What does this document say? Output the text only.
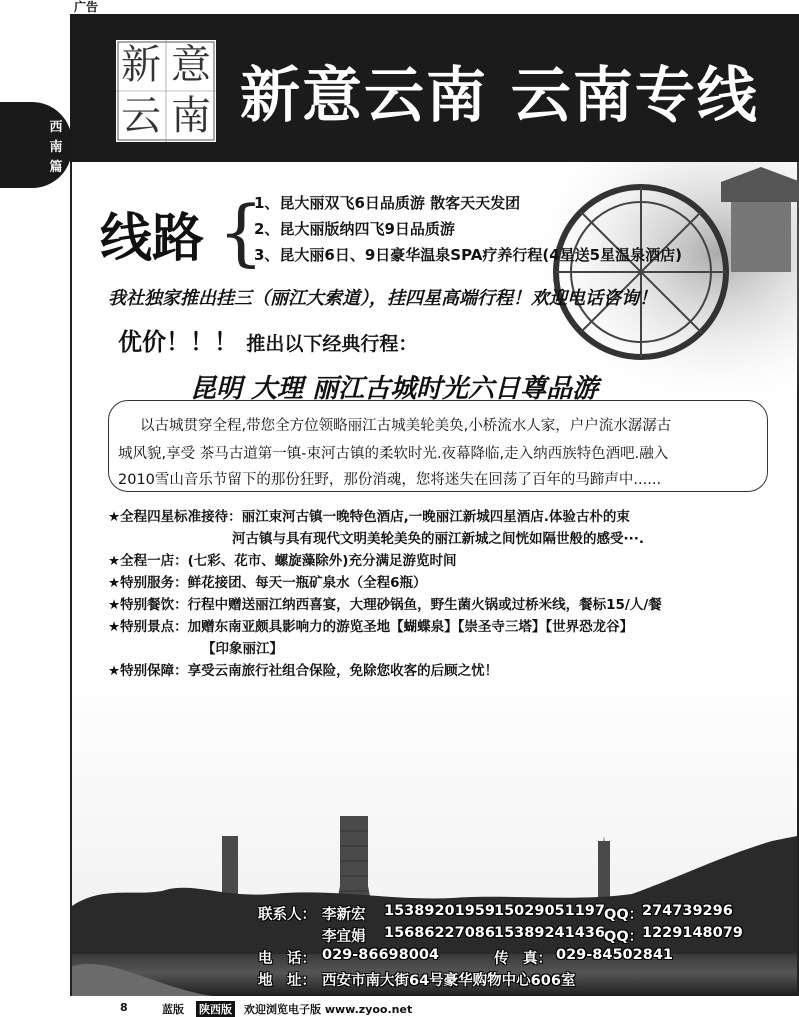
广告
西
南
篇
新 意
云 南 新意云南 云南专线
线路 {
1、昆大丽双飞6日品质游 散客天天发团
2、昆大丽版纳四飞9日品质游
3、昆大丽6日、9日豪华温泉SPA疗养行程(4星送5星温泉酒店)
我社独家推出挂三（丽江大索道），挂四星高端行程！欢迎电话咨询！
优价！！！ 推出以下经典行程：
昆明 大理 丽江古城时光六日尊品游
以古城贯穿全程,带您全方位领略丽江古城美轮美奂,小桥流水人家，户户流水潺潺古
城风貌,享受 茶马古道第一镇-束河古镇的柔软时光.夜幕降临,走入纳西族特色酒吧.融入
2010雪山音乐节留下的那份狂野，那份消魂，您将迷失在回荡了百年的马蹄声中......
★全程四星标准接待：丽江束河古镇一晚特色酒店,一晚丽江新城四星酒店.体验古朴的束
河古镇与具有现代文明美轮美奂的丽江新城之间恍如隔世般的感受···.
★全程一店：(七彩、花市、螺旋藻除外)充分满足游览时间
★特别服务：鲜花接团、每天一瓶矿泉水（全程6瓶）
★特别餐饮：行程中赠送丽江纳西喜宴，大理砂锅鱼，野生菌火锅或过桥米线，餐标15/人/餐
★特别景点：加赠东南亚颇具影响力的游览圣地【蝴蝶泉】【崇圣寺三塔】【世界恐龙谷】
【印象丽江】
★特别保障：享受云南旅行社组合保险，免除您收客的后顾之忧！
联系人： 李新宏 15389201959 15029051197 QQ：
274739296
李宜娟 15686227086 15389241436 QQ：
1229148079
电　话： 029-86698004	传　真： 029-84502841
地　址： 西安市南大街64号豪华购物中心606室
8	蓝版 陕西版 欢迎浏览电子版 www.zyoo.net
